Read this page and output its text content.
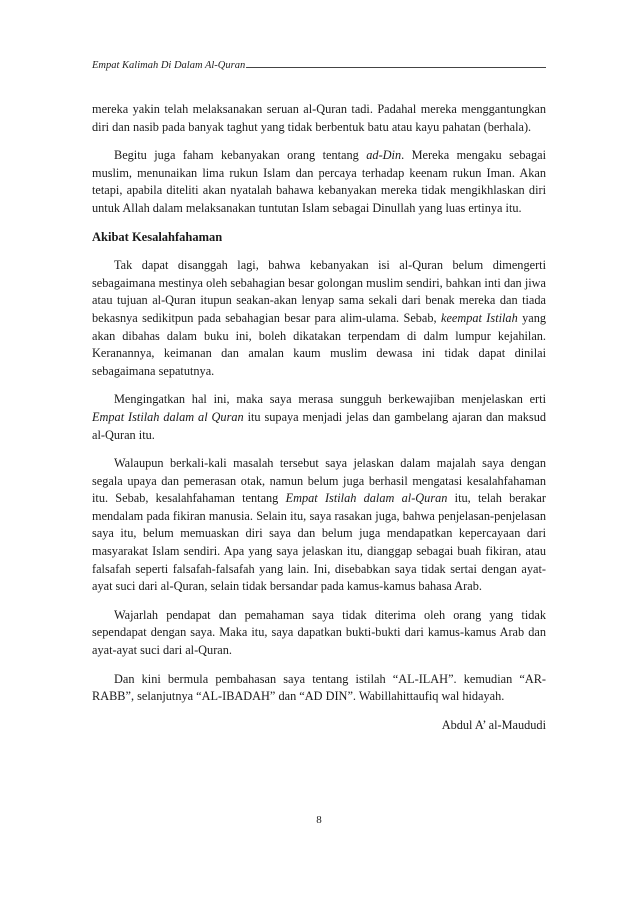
Empat Kalimah Di Dalam Al-Quran

mereka yakin telah melaksanakan seruan al-Quran tadi. Padahal mereka menggantungkan diri dan nasib pada banyak taghut yang tidak berbentuk batu atau kayu pahatan (berhala).

Begitu juga faham kebanyakan orang tentang ad-Din. Mereka mengaku sebagai muslim, menunaikan lima rukun Islam dan percaya terhadap keenam rukun Iman. Akan tetapi, apabila diteliti akan nyatalah bahawa kebanyakan mereka tidak mengikhlaskan diri untuk Allah dalam melaksanakan tuntutan Islam sebagai Dinullah yang luas ertinya itu.

Akibat Kesalahfahaman

Tak dapat disanggah lagi, bahwa kebanyakan isi al-Quran belum dimengerti sebagaimana mestinya oleh sebahagian besar golongan muslim sendiri, bahkan inti dan jiwa atau tujuan al-Quran itupun seakan-akan lenyap sama sekali dari benak mereka dan tiada bekasnya sedikitpun pada sebahagian besar para alim-ulama. Sebab, keempat Istilah yang akan dibahas dalam buku ini, boleh dikatakan terpendam di dalm lumpur kejahilan. Keranannya, keimanan dan amalan kaum muslim dewasa ini tidak dapat dinilai sebagaimana sepatutnya.

Mengingatkan hal ini, maka saya merasa sungguh berkewajiban menjelaskan erti Empat Istilah dalam al Quran itu supaya menjadi jelas dan gambelang ajaran dan maksud al-Quran itu.

Walaupun berkali-kali masalah tersebut saya jelaskan dalam majalah saya dengan segala upaya dan pemerasan otak, namun belum juga berhasil mengatasi kesalahfahaman itu. Sebab, kesalahfahaman tentang Empat Istilah dalam al-Quran itu, telah berakar mendalam pada fikiran manusia. Selain itu, saya rasakan juga, bahwa penjelasan-penjelasan saya itu, belum memuaskan diri saya dan belum juga mendapatkan kepercayaan dari masyarakat Islam sendiri. Apa yang saya jelaskan itu, dianggap sebagai buah fikiran, atau falsafah seperti falsafah-falsafah yang lain. Ini, disebabkan saya tidak sertai dengan ayat-ayat suci dari al-Quran, selain tidak bersandar pada kamus-kamus bahasa Arab.

Wajarlah pendapat dan pemahaman saya tidak diterima oleh orang yang tidak sependapat dengan saya. Maka itu, saya dapatkan bukti-bukti dari kamus-kamus Arab dan ayat-ayat suci dari al-Quran.

Dan kini bermula pembahasan saya tentang istilah “AL-ILAH”. kemudian “AR-RABB”, selanjutnya “AL-IBADAH” dan “AD DIN”. Wabillahittaufiq wal hidayah.

Abdul A’ al-Maududi

8
